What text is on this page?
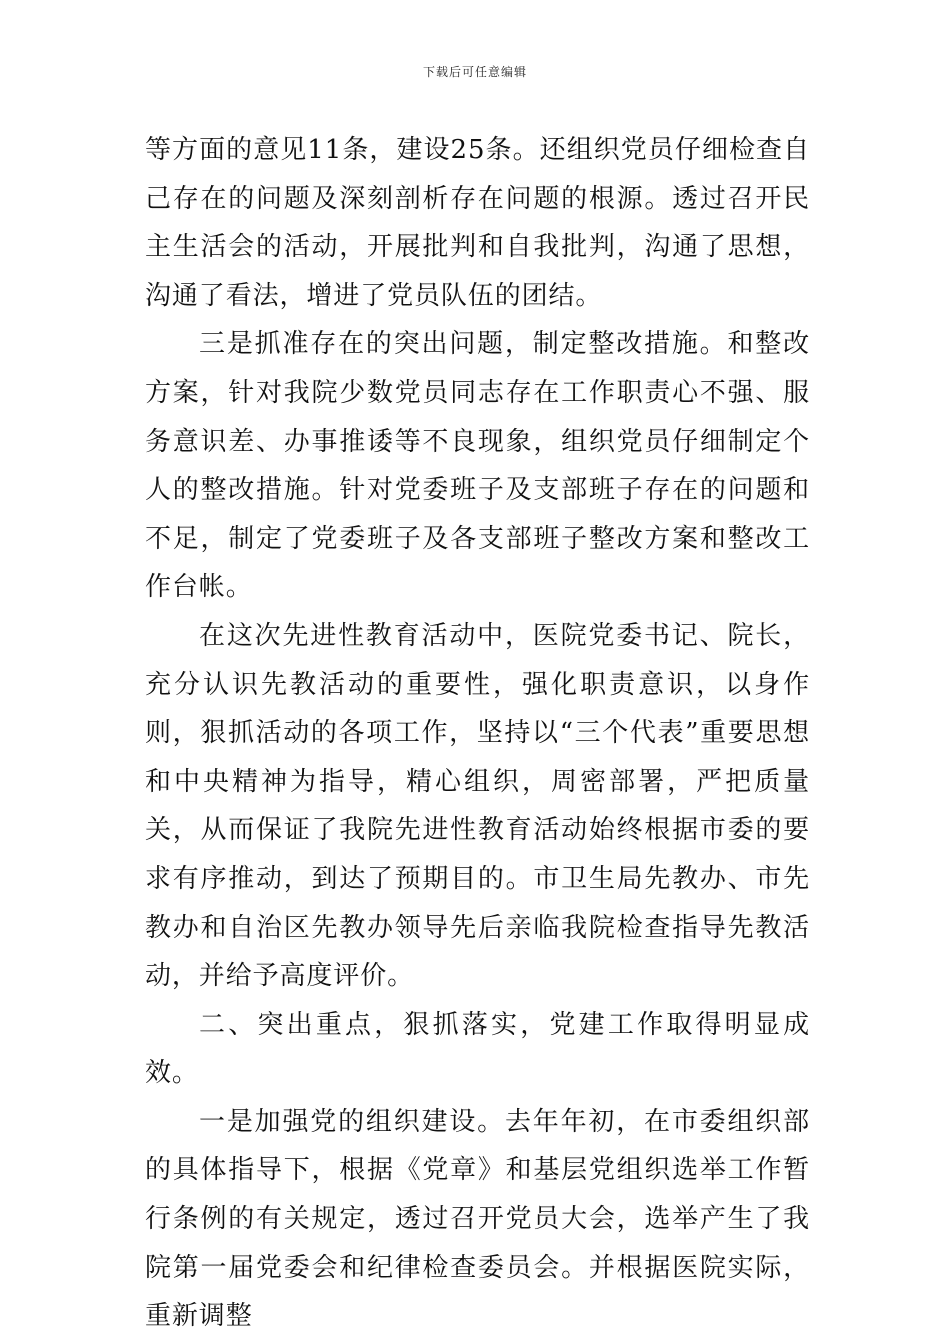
下载后可任意编辑

等方面的意见11条，建设25条。还组织党员仔细检查自己存在的问题及深刻剖析存在问题的根源。透过召开民主生活会的活动，开展批判和自我批判，沟通了思想，沟通了看法，增进了党员队伍的团结。

三是抓准存在的突出问题，制定整改措施。和整改方案，针对我院少数党员同志存在工作职责心不强、服务意识差、办事推诿等不良现象，组织党员仔细制定个人的整改措施。针对党委班子及支部班子存在的问题和不足，制定了党委班子及各支部班子整改方案和整改工作台帐。

在这次先进性教育活动中，医院党委书记、院长，充分认识先教活动的重要性，强化职责意识，以身作则，狠抓活动的各项工作，坚持以“三个代表”重要思想和中央精神为指导，精心组织，周密部署，严把质量关，从而保证了我院先进性教育活动始终根据市委的要求有序推动，到达了预期目的。市卫生局先教办、市先教办和自治区先教办领导先后亲临我院检查指导先教活动，并给予高度评价。

二、突出重点，狠抓落实，党建工作取得明显成效。

一是加强党的组织建设。去年年初，在市委组织部的具体指导下，根据《党章》和基层党组织选举工作暂行条例的有关规定，透过召开党员大会，选举产生了我院第一届党委会和纪律检查委员会。并根据医院实际，重新调整
